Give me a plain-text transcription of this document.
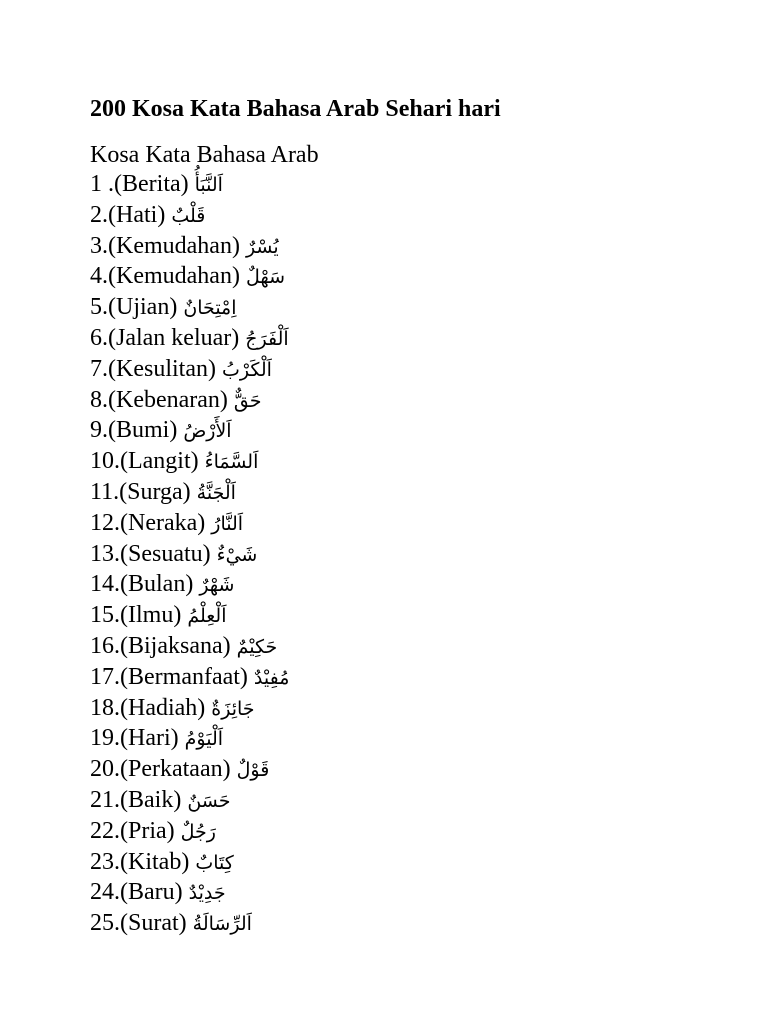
200 Kosa Kata Bahasa Arab Sehari hari

Kosa Kata Bahasa Arab

1 .(Berita) اَلنَّبَأُ
2.(Hati) قَلْبٌ
3.(Kemudahan) يُسْرٌ
4.(Kemudahan) سَهْلٌ
5.(Ujian) اِمْتِحَانٌ
6.(Jalan keluar) اَلْفَرَجُ
7.(Kesulitan) اَلْكَرْبُ
8.(Kebenaran) حَقٌّ
9.(Bumi) اَلأَرْضُ
10.(Langit) اَلسَّمَاءُ
11.(Surga) اَلْجَنَّةُ
12.(Neraka) اَلنَّارُ
13.(Sesuatu) شَيْءٌ
14.(Bulan) شَهْرٌ
15.(Ilmu) اَلْعِلْمُ
16.(Bijaksana) حَكِيْمٌ
17.(Bermanfaat) مُفِيْدٌ
18.(Hadiah) جَائِزَةٌ
19.(Hari) اَلْيَوْمُ
20.(Perkataan) قَوْلٌ
21.(Baik) حَسَنٌ
22.(Pria) رَجُلٌ
23.(Kitab) كِتَابٌ
24.(Baru) جَدِيْدٌ
25.(Surat) اَلرِّسَالَةُ
